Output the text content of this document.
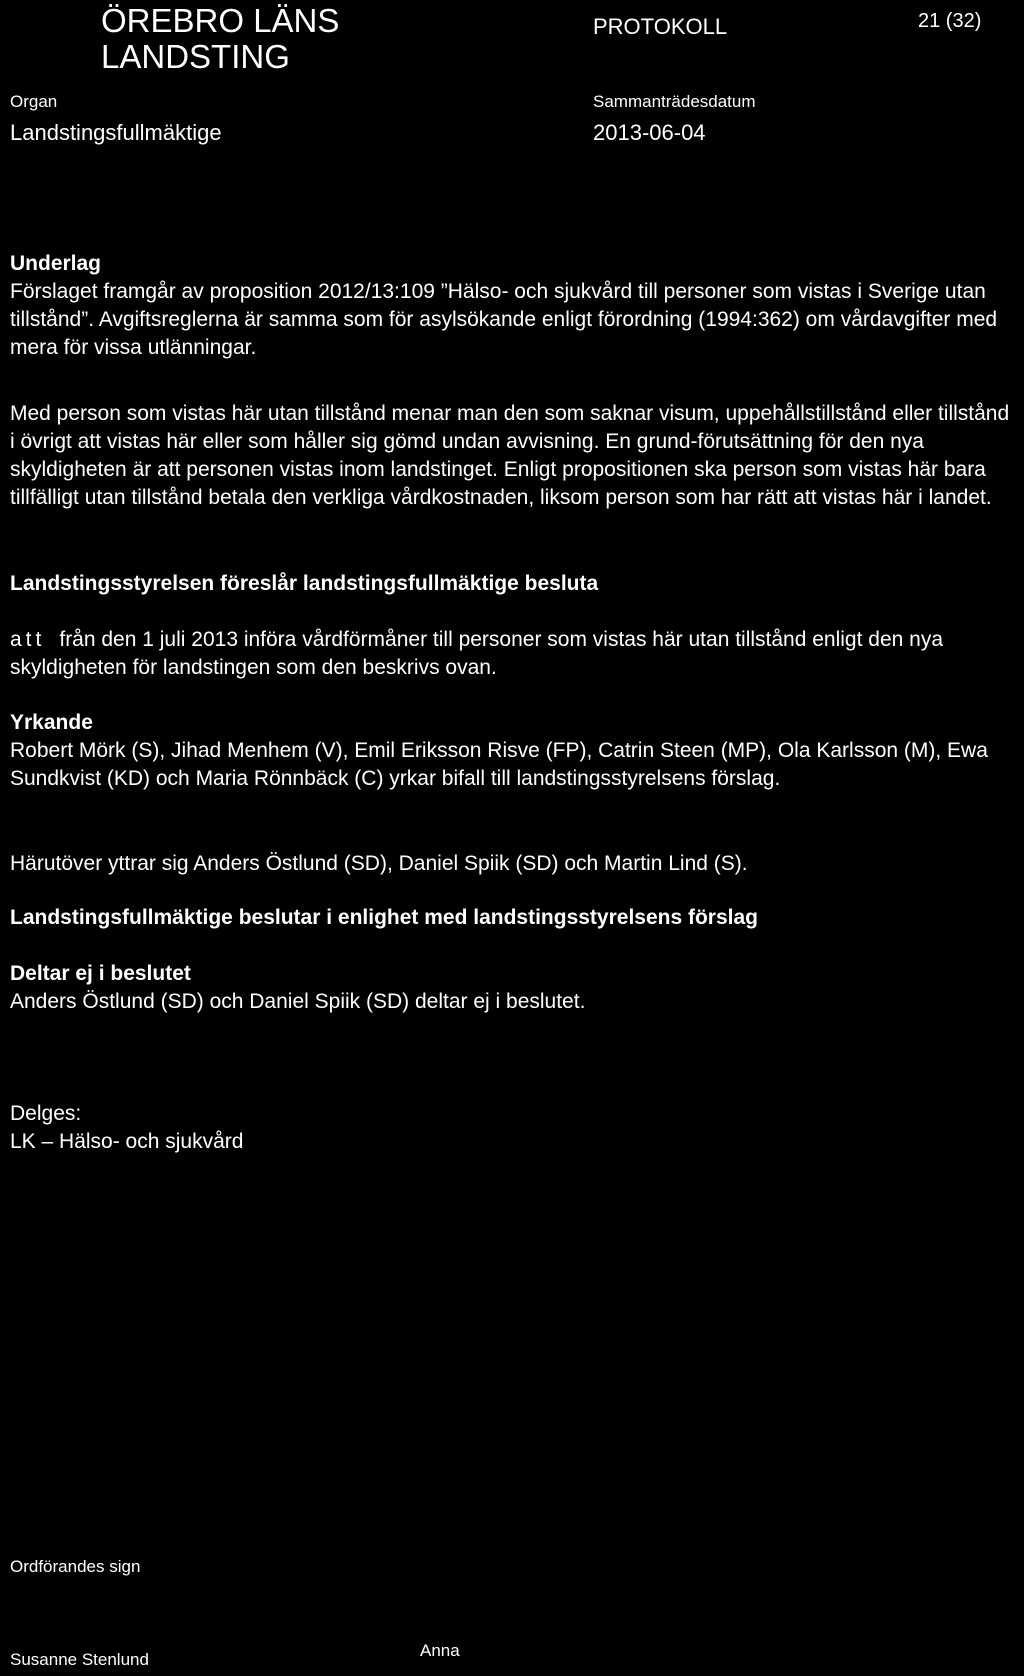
ÖREBRO LÄNS
LANDSTING
PROTOKOLL	21 (32)
Organ
Landstingsfullmäktige
Sammanträdesdatum
2013-06-04

Underlag

Förslaget framgår av proposition 2012/13:109 ”Hälso- och sjukvård till personer som vistas i Sverige utan tillstånd”. Avgiftsreglerna är samma som för asylsökande enligt förordning (1994:362) om vårdavgifter med mera för vissa utlänningar.

Med person som vistas här utan tillstånd menar man den som saknar visum, uppehållstillstånd eller tillstånd i övrigt att vistas här eller som håller sig gömd undan avvisning. En grund-förutsättning för den nya skyldigheten är att personen vistas inom landstinget. Enligt propositionen ska person som vistas här bara tillfälligt utan tillstånd betala den verkliga vårdkostnaden, liksom person som har rätt att vistas här i landet.

Landstingsstyrelsen föreslår landstingsfullmäktige besluta

att från den 1 juli 2013 införa vårdförmåner till personer som vistas här utan tillstånd enligt den nya skyldigheten för landstingen som den beskrivs ovan.

Yrkande

Robert Mörk (S), Jihad Menhem (V), Emil Eriksson Risve (FP), Catrin Steen (MP), Ola Karlsson (M), Ewa Sundkvist (KD) och Maria Rönnbäck (C) yrkar bifall till landstingsstyrelsens förslag.

Härutöver yttrar sig Anders Östlund (SD), Daniel Spiik (SD) och Martin Lind (S).

Landstingsfullmäktige beslutar i enlighet med landstingsstyrelsens förslag

Deltar ej i beslutet

Anders Östlund (SD) och Daniel Spiik (SD) deltar ej i beslutet.

Delges:

LK – Hälso- och sjukvård

Ordförandes sign
Susanne Stenlund	Anna
